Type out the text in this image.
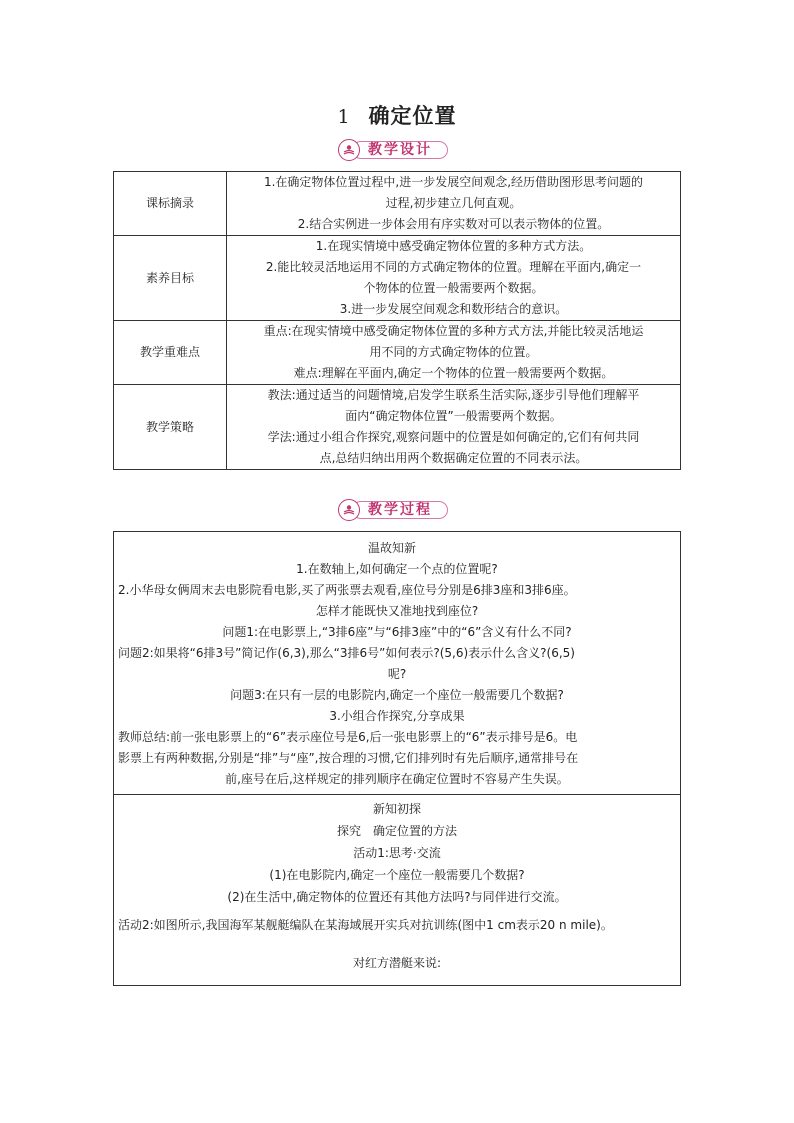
1 确定位置
教学设计
课标摘录	1.在确定物体位置过程中,进一步发展空间观念,经历借助图形思考问题的
过程,初步建立几何直观。
2.结合实例进一步体会用有序实数对可以表示物体的位置。

素养目标	1.在现实情境中感受确定物体位置的多种方式方法。
2.能比较灵活地运用不同的方式确定物体的位置。理解在平面内,确定一
个物体的位置一般需要两个数据。
3.进一步发展空间观念和数形结合的意识。

教学重难点	重点:在现实情境中感受确定物体位置的多种方式方法,并能比较灵活地运
用不同的方式确定物体的位置。
难点:理解在平面内,确定一个物体的位置一般需要两个数据。

教学策略	教法:通过适当的问题情境,启发学生联系生活实际,逐步引导他们理解平
面内“确定物体位置”一般需要两个数据。
学法:通过小组合作探究,观察问题中的位置是如何确定的,它们有何共同
点,总结归纳出用两个数据确定位置的不同表示法。
教学过程
温故知新
1.在数轴上,如何确定一个点的位置呢?
2.小华母女俩周末去电影院看电影,买了两张票去观看,座位号分别是6排3座和3排6座。
怎样才能既快又准地找到座位?
问题1:在电影票上,“3排6座”与“6排3座”中的“6”含义有什么不同?
问题2:如果将“6排3号”简记作(6,3),那么“3排6号”如何表示?(5,6)表示什么含义?(6,5)
呢?
问题3:在只有一层的电影院内,确定一个座位一般需要几个数据?
3.小组合作探究,分享成果
教师总结:前一张电影票上的“6”表示座位号是6,后一张电影票上的“6”表示排号是6。电
影票上有两种数据,分别是“排”与“座”,按合理的习惯,它们排列时有先后顺序,通常排号在
前,座号在后,这样规定的排列顺序在确定位置时不容易产生失误。
新知初探
探究　确定位置的方法
活动1:思考·交流
(1)在电影院内,确定一个座位一般需要几个数据?
(2)在生活中,确定物体的位置还有其他方法吗?与同伴进行交流。
活动2:如图所示,我国海军某舰艇编队在某海域展开实兵对抗训练(图中1 cm表示20 n mile)。
对红方潜艇来说:
